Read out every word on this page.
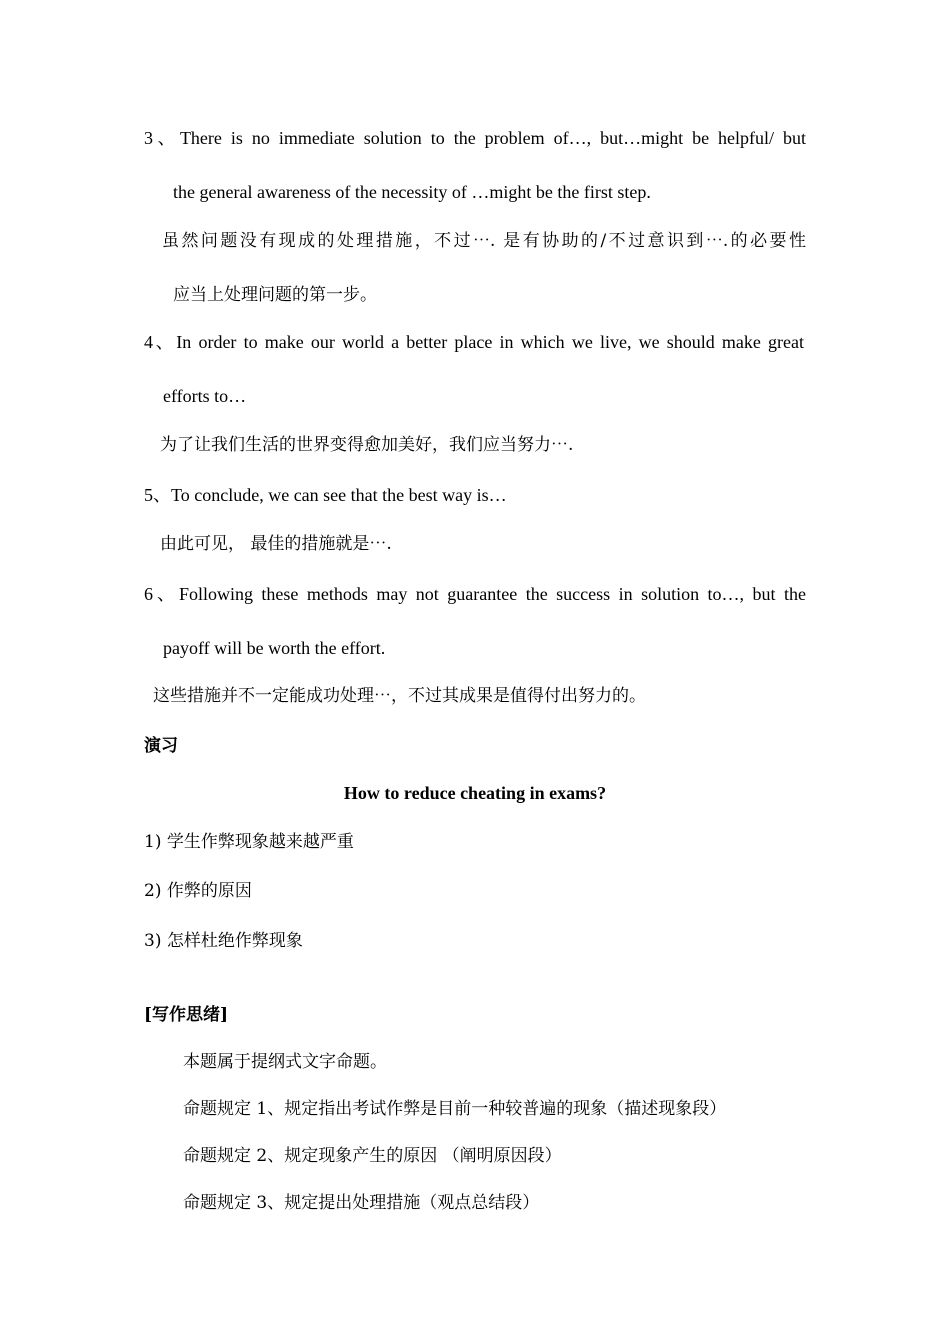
3、There is no immediate solution to the problem of…, but…might be helpful/ but
the general awareness of the necessity of …might be the first step.
虽然问题没有现成的处理措施，不过⋯. 是有协助的/不过意识到⋯.的必要性
应当上处理问题的第一步。
4、In order to make our world a better place in which we live, we should make great
efforts to…
为了让我们生活的世界变得愈加美好，我们应当努力⋯.
5、To conclude, we can see that the best way is…
由此可见， 最佳的措施就是⋯.
6、Following these methods may not guarantee the success in solution to…, but the
payoff will be worth the effort.
这些措施并不一定能成功处理⋯，不过其成果是值得付出努力的。
演习
How to reduce cheating in exams?
1) 学生作弊现象越来越严重
2) 作弊的原因
3) 怎样杜绝作弊现象
[写作思绪]
本题属于提纲式文字命题。
命题规定 1、规定指出考试作弊是目前一种较普遍的现象（描述现象段）
命题规定 2、规定现象产生的原因 （阐明原因段）
命题规定 3、规定提出处理措施（观点总结段）
